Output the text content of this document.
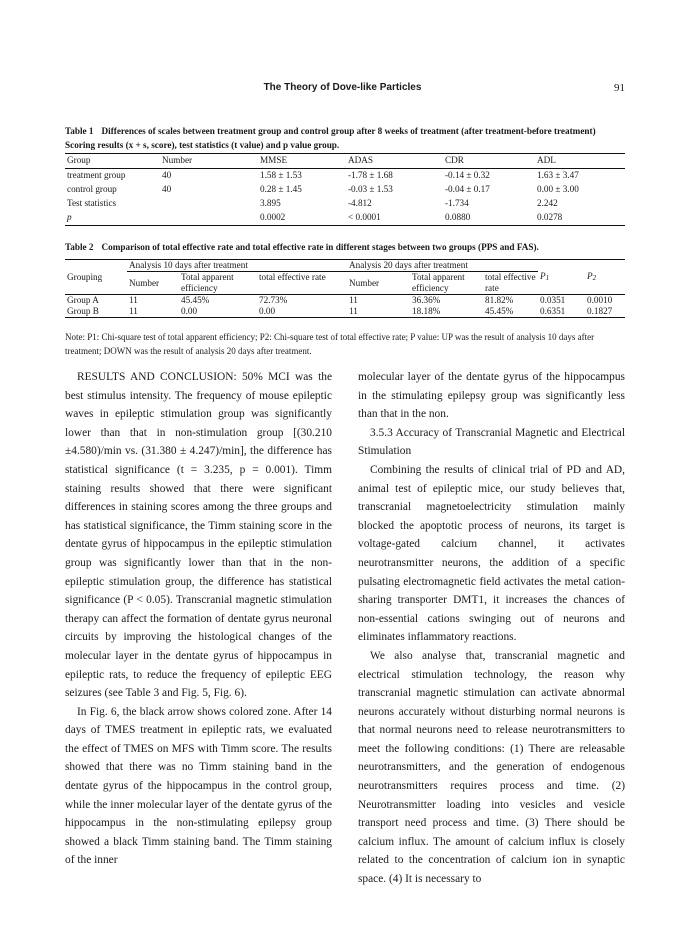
The Theory of Dove-like Particles	91
Table 1 Differences of scales between treatment group and control group after 8 weeks of treatment (after treatment-before treatment) Scoring results (x + s, score), test statistics (t value) and p value group.
Group	Number	MMSE	ADAS	CDR	ADL
treatment group	40	1.58 ± 1.53	-1.78 ± 1.68	-0.14 ± 0.32	1.63 ± 3.47
control group	40	0.28 ± 1.45	-0.03 ± 1.53	-0.04 ± 0.17	0.00 ± 3.00
Test statistics		3.895	-4.812	-1.734	2.242
p		0.0002	< 0.0001	0.0880	0.0278
Table 2 Comparison of total effective rate and total effective rate in different stages between two groups (PPS and FAS).
Grouping	Analysis 10 days after treatment			Analysis 20 days after treatment			P1	P2
	Number	Total apparent efficiency	total effective rate	Number	Total apparent efficiency	total effective rate		
Group A	11	45.45%	72.73%	11	36.36%	81.82%	0.0351	0.0010
Group B	11	0.00	0.00	11	18.18%	45.45%	0.6351	0.1827
Note: P1: Chi-square test of total apparent efficiency; P2: Chi-square test of total effective rate; P value: UP was the result of analysis 10 days after treatment; DOWN was the result of analysis 20 days after treatment.

RESULTS AND CONCLUSION: 50% MCI was the best stimulus intensity. The frequency of mouse epileptic waves in epileptic stimulation group was significantly lower than that in non-stimulation group [(30.210 ±4.580)/min vs. (31.380 ± 4.247)/min], the difference has statistical significance (t = 3.235, p = 0.001). Timm staining results showed that there were significant differences in staining scores among the three groups and has statistical significance, the Timm staining score in the dentate gyrus of hippocampus in the epileptic stimulation group was significantly lower than that in the non-epileptic stimulation group, the difference has statistical significance (P < 0.05). Transcranial magnetic stimulation therapy can affect the formation of dentate gyrus neuronal circuits by improving the histological changes of the molecular layer in the dentate gyrus of hippocampus in epileptic rats, to reduce the frequency of epileptic EEG seizures (see Table 3 and Fig. 5, Fig. 6).

In Fig. 6, the black arrow shows colored zone. After 14 days of TMES treatment in epileptic rats, we evaluated the effect of TMES on MFS with Timm score. The results showed that there was no Timm staining band in the dentate gyrus of the hippocampus in the control group, while the inner molecular layer of the dentate gyrus of the hippocampus in the non-stimulating epilepsy group showed a black Timm staining band. The Timm staining of the inner

molecular layer of the dentate gyrus of the hippocampus in the stimulating epilepsy group was significantly less than that in the non.

3.5.3 Accuracy of Transcranial Magnetic and Electrical Stimulation

Combining the results of clinical trial of PD and AD, animal test of epileptic mice, our study believes that, transcranial magnetoelectricity stimulation mainly blocked the apoptotic process of neurons, its target is voltage-gated calcium channel, it activates neurotransmitter neurons, the addition of a specific pulsating electromagnetic field activates the metal cation-sharing transporter DMT1, it increases the chances of non-essential cations swinging out of neurons and eliminates inflammatory reactions.

We also analyse that, transcranial magnetic and electrical stimulation technology, the reason why transcranial magnetic stimulation can activate abnormal neurons accurately without disturbing normal neurons is that normal neurons need to release neurotransmitters to meet the following conditions: (1) There are releasable neurotransmitters, and the generation of endogenous neurotransmitters requires process and time. (2) Neurotransmitter loading into vesicles and vesicle transport need process and time. (3) There should be calcium influx. The amount of calcium influx is closely related to the concentration of calcium ion in synaptic space. (4) It is necessary to
